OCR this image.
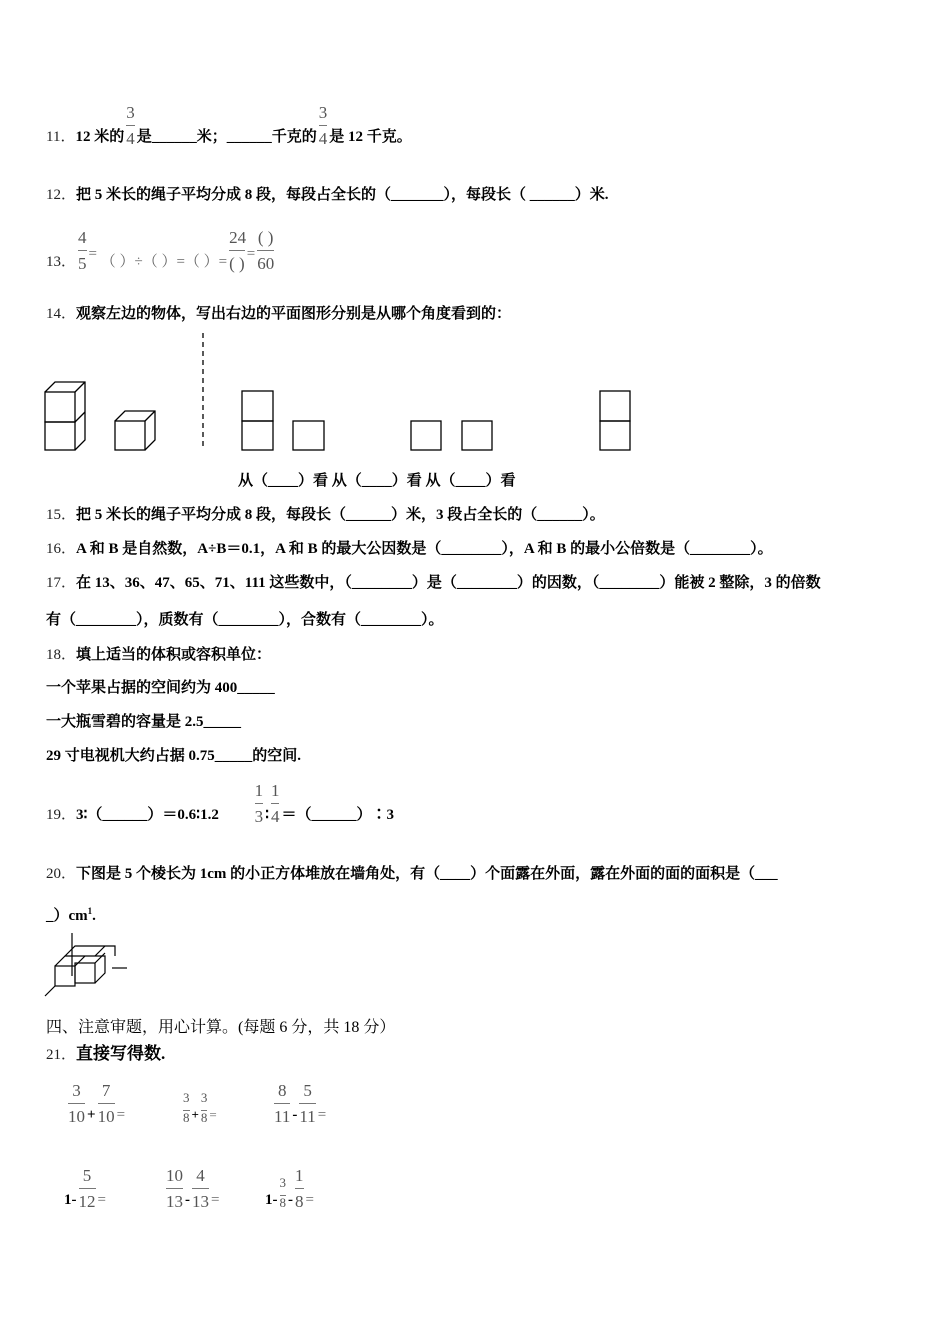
11．12 米的 $\frac{3}{4}$ 是______米；______千克的 $\frac{3}{4}$ 是 12 千克。
12．把 5 米长的绳子平均分成 8 段，每段占全长的（_______），每段长（ ______）米.
13． $\frac{4}{5}$ = （ ）÷（ ）=（ ）= $\frac{24}{( )} = \frac{( )}{60}$
14．观察左边的物体，写出右边的平面图形分别是从哪个角度看到的：
从（____）看 从（____）看 从（____）看
15．把 5 米长的绳子平均分成 8 段，每段长（______）米，3 段占全长的（______）。
16．A 和 B 是自然数，A÷B＝0.1，A 和 B 的最大公因数是（________），A 和 B 的最小公倍数是（________）。
17．在 13、36、47、65、71、111 这些数中，（________）是（________）的因数，（________）能被 2 整除，3 的倍数
有（________），质数有（________），合数有（________）。
18．填上适当的体积或容积单位：
一个苹果占据的空间约为 400_____
一大瓶雪碧的容量是 2.5_____
29 寸电视机大约占据 0.75_____的空间.
19．3∶（______）＝0.6∶1.2 $\frac{1}{3}$ ∶ $\frac{1}{4}$ ＝（______）∶3
20．下图是 5 个棱长为 1cm 的小正方体堆放在墙角处，有（____）个面露在外面，露在外面的面的面积是（___
$\_)cm^1$.
四、注意审题，用心计算。(每题 6 分，共 18 分）
21．直接写得数.
$\frac{3}{10} + \frac{7}{10}$ =	$\frac{3}{8} + \frac{3}{8}$ =	$\frac{8}{11} - \frac{5}{11}$ =
$1- \frac{5}{12}$ =	$\frac{10}{13} - \frac{4}{13}$ =	$1- \frac{3}{8} - \frac{1}{8}$ =
